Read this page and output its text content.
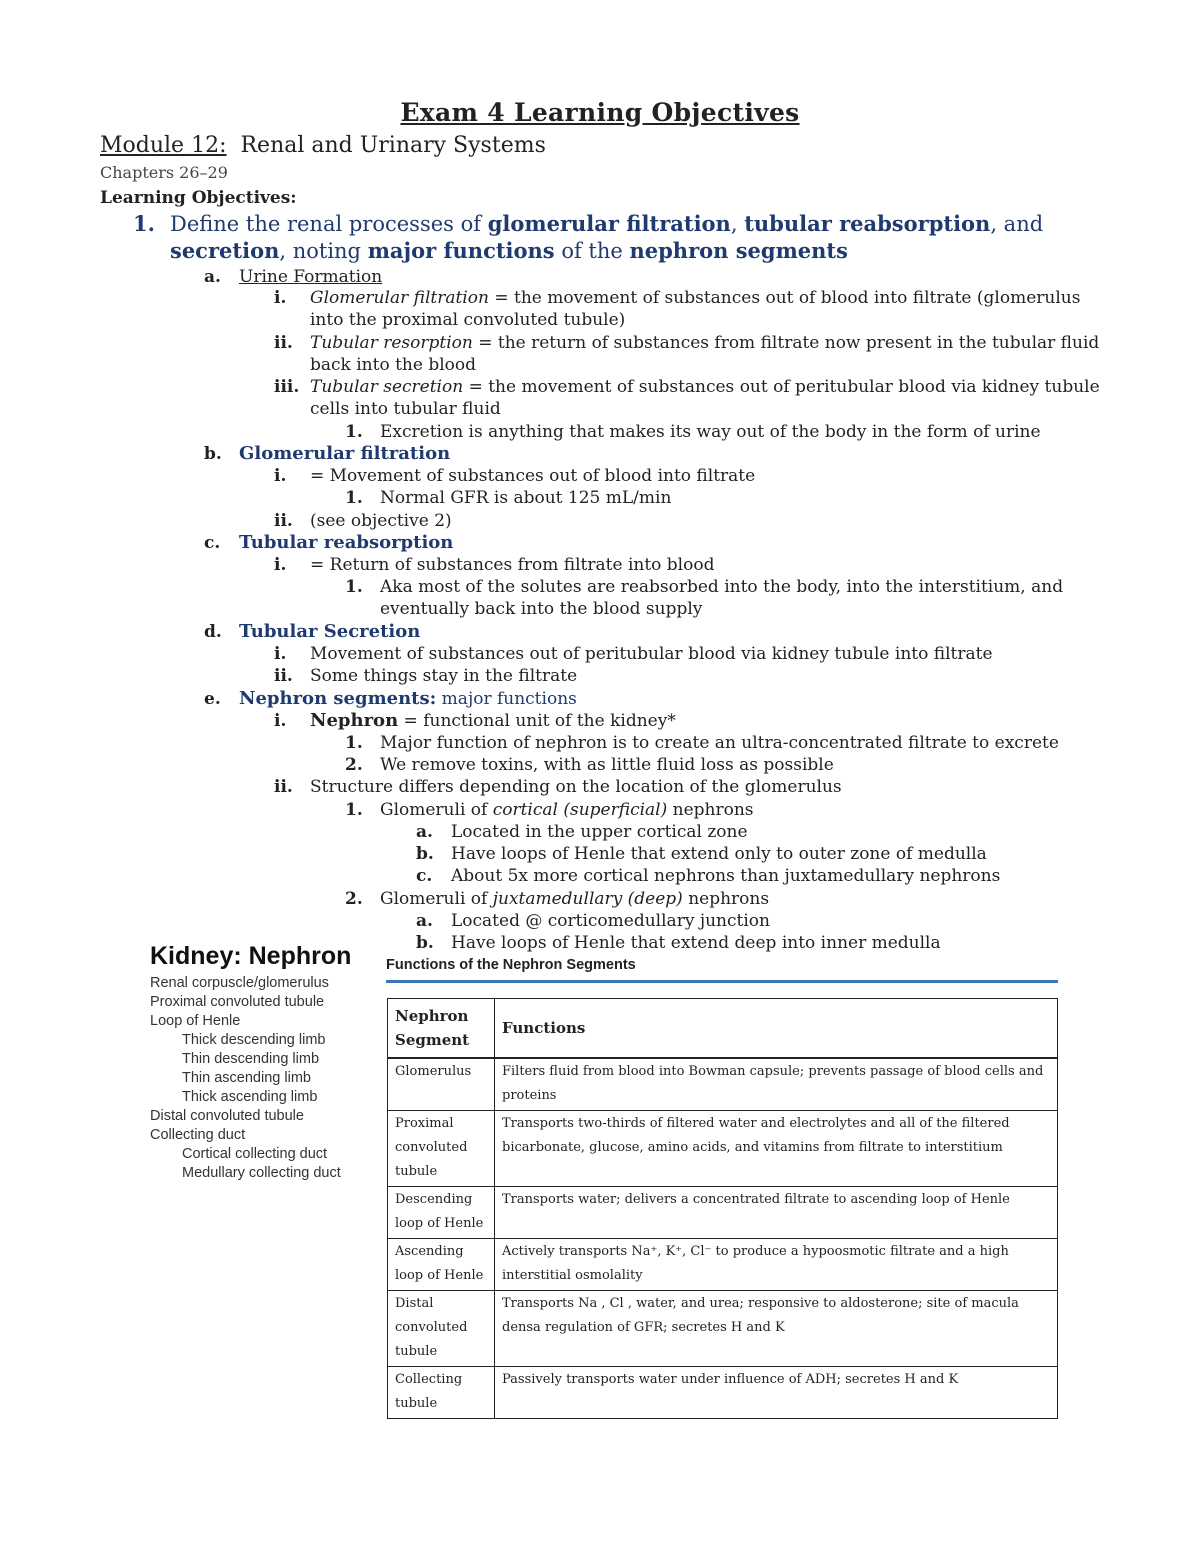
Exam 4 Learning Objectives
Module 12: Renal and Urinary Systems
Chapters 26–29
Learning Objectives:
1. Define the renal processes of glomerular filtration, tubular reabsorption, and
secretion, noting major functions of the nephron segments
a. Urine Formation
i. Glomerular filtration = the movement of substances out of blood into filtrate (glomerulus
into the proximal convoluted tubule)
ii. Tubular resorption = the return of substances from filtrate now present in the tubular fluid
back into the blood
iii. Tubular secretion = the movement of substances out of peritubular blood via kidney tubule
cells into tubular fluid
1. Excretion is anything that makes its way out of the body in the form of urine
b. Glomerular filtration
i. = Movement of substances out of blood into filtrate
1. Normal GFR is about 125 mL/min
ii. (see objective 2)
c. Tubular reabsorption
i. = Return of substances from filtrate into blood
1. Aka most of the solutes are reabsorbed into the body, into the interstitium, and
eventually back into the blood supply
d. Tubular Secretion
i. Movement of substances out of peritubular blood via kidney tubule into filtrate
ii. Some things stay in the filtrate
e. Nephron segments: major functions
i. Nephron = functional unit of the kidney*
1. Major function of nephron is to create an ultra-concentrated filtrate to excrete
2. We remove toxins, with as little fluid loss as possible
ii. Structure differs depending on the location of the glomerulus
1. Glomeruli of cortical (superficial) nephrons
a. Located in the upper cortical zone
b. Have loops of Henle that extend only to outer zone of medulla
c. About 5x more cortical nephrons than juxtamedullary nephrons
2. Glomeruli of juxtamedullary (deep) nephrons
a. Located @ corticomedullary junction
b. Have loops of Henle that extend deep into inner medulla
Kidney: Nephron
Renal corpuscle/glomerulus
Proximal convoluted tubule
Loop of Henle
Thick descending limb
Thin descending limb
Thin ascending limb
Thick ascending limb
Distal convoluted tubule
Collecting duct
Cortical collecting duct
Medullary collecting duct
Functions of the Nephron Segments
Nephron Segment	Functions
Glomerulus	Filters fluid from blood into Bowman capsule; prevents passage of blood cells and proteins
Proximal convoluted tubule	Transports two-thirds of filtered water and electrolytes and all of the filtered bicarbonate, glucose, amino acids, and vitamins from filtrate to interstitium
Descending loop of Henle	Transports water; delivers a concentrated filtrate to ascending loop of Henle
Ascending loop of Henle	Actively transports Na⁺, K⁺, Cl⁻ to produce a hypoosmotic filtrate and a high interstitial osmolality
Distal convoluted tubule	Transports Na , Cl , water, and urea; responsive to aldosterone; site of macula densa regulation of GFR; secretes H and K
Collecting tubule	Passively transports water under influence of ADH; secretes H and K
